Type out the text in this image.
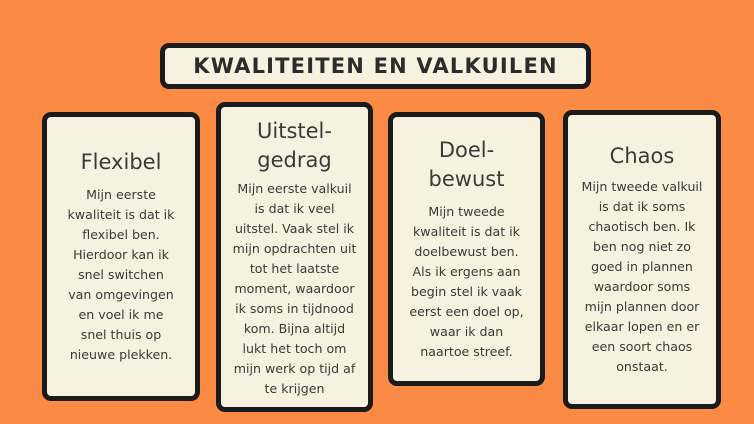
KWALITEITEN EN VALKUILEN
Flexibel
Mijn eerste kwaliteit is dat ik flexibel ben. Hierdoor kan ik snel switchen van omgevingen en voel ik me snel thuis op nieuwe plekken.
Uitstel-gedrag
Mijn eerste valkuil is dat ik veel uitstel. Vaak stel ik mijn opdrachten uit tot het laatste moment, waardoor ik soms in tijdnood kom. Bijna altijd lukt het toch om mijn werk op tijd af te krijgen
Doel-bewust
Mijn tweede kwaliteit is dat ik doelbewust ben. Als ik ergens aan begin stel ik vaak eerst een doel op, waar ik dan naartoe streef.
Chaos
Mijn tweede valkuil is dat ik soms chaotisch ben. Ik ben nog niet zo goed in plannen waardoor soms mijn plannen door elkaar lopen en er een soort chaos onstaat.
